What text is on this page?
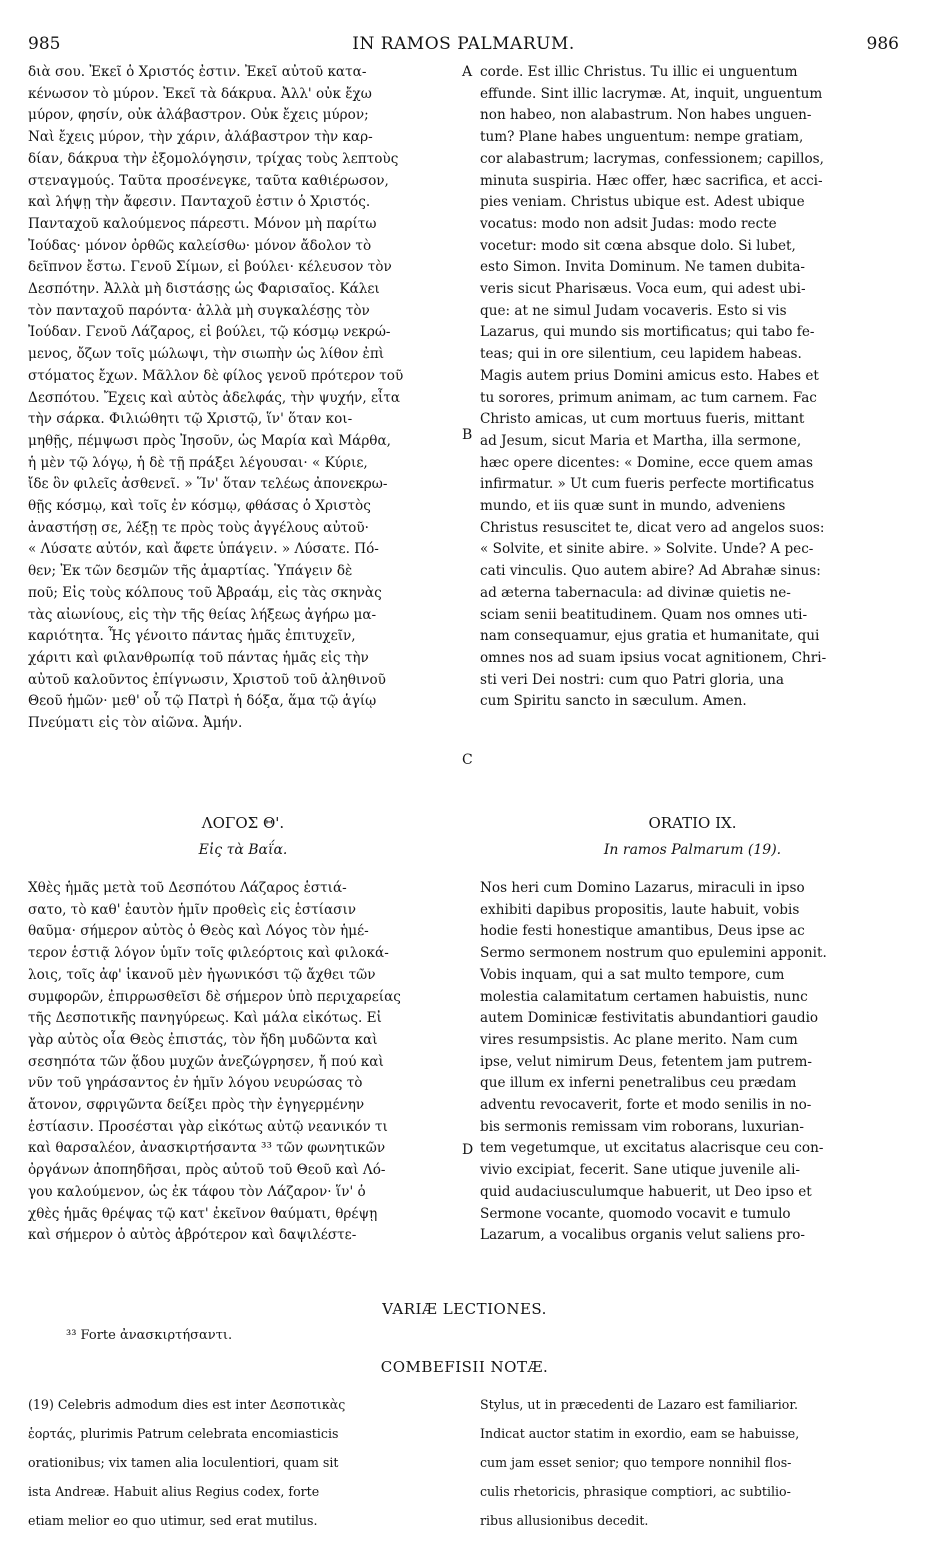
985	IN RAMOS PALMARUM.	986

διὰ σου. Ἐκεῖ ὁ Χριστός ἐστιν. Ἐκεῖ αὐτοῦ κατα-

κένωσον τὸ μύρον. Ἐκεῖ τὰ δάκρυα. Ἀλλ' οὐκ ἔχω

μύρον, φησίν, οὐκ ἀλάβαστρον. Οὐκ ἔχεις μύρον;

Ναὶ ἔχεις μύρον, τὴν χάριν, ἀλάβαστρον τὴν καρ-

δίαν, δάκρυα τὴν ἐξομολόγησιν, τρίχας τοὺς λεπτοὺς

στεναγμούς. Ταῦτα προσένεγκε, ταῦτα καθιέρωσον,

καὶ λήψῃ τὴν ἄφεσιν. Πανταχοῦ ἐστιν ὁ Χριστός.

Πανταχοῦ καλούμενος πάρεστι. Μόνον μὴ παρίτω

Ἰούδας· μόνον ὀρθῶς καλείσθω· μόνον ἄδολον τὸ

δεῖπνον ἔστω. Γενοῦ Σίμων, εἰ βούλει· κέλευσον τὸν

Δεσπότην. Ἀλλὰ μὴ διστάσῃς ὡς Φαρισαῖος. Κάλει

τὸν πανταχοῦ παρόντα· ἀλλὰ μὴ συγκαλέσῃς τὸν

Ἰούδαν. Γενοῦ Λάζαρος, εἰ βούλει, τῷ κόσμῳ νεκρώ-

μενος, ὄζων τοῖς μώλωψι, τὴν σιωπὴν ὡς λίθον ἐπὶ

στόματος ἔχων. Μᾶλλον δὲ φίλος γενοῦ πρότερον τοῦ

Δεσπότου. Ἔχεις καὶ αὐτὸς ἀδελφάς, τὴν ψυχήν, εἶτα

τὴν σάρκα. Φιλιώθητι τῷ Χριστῷ, ἵν' ὅταν κοι-

μηθῇς, πέμψωσι πρὸς Ἰησοῦν, ὡς Μαρία καὶ Μάρθα,

ἡ μὲν τῷ λόγῳ, ἡ δὲ τῇ πράξει λέγουσαι· « Κύριε,

ἴδε ὃν φιλεῖς ἀσθενεῖ. » Ἵν' ὅταν τελέως ἀπονεκρω-

θῇς κόσμῳ, καὶ τοῖς ἐν κόσμῳ, φθάσας ὁ Χριστὸς

ἀναστήσῃ σε, λέξῃ τε πρὸς τοὺς ἀγγέλους αὐτοῦ·

« Λύσατε αὐτόν, καὶ ἄφετε ὑπάγειν. » Λύσατε. Πό-

θεν; Ἐκ τῶν δεσμῶν τῆς ἁμαρτίας. Ὑπάγειν δὲ

ποῦ; Εἰς τοὺς κόλπους τοῦ Ἀβραάμ, εἰς τὰς σκηνὰς

τὰς αἰωνίους, εἰς τὴν τῆς θείας λήξεως ἀγήρω μα-

καριότητα. Ἧς γένοιτο πάντας ἡμᾶς ἐπιτυχεῖν,

χάριτι καὶ φιλανθρωπίᾳ τοῦ πάντας ἡμᾶς εἰς τὴν

αὐτοῦ καλοῦντος ἐπίγνωσιν, Χριστοῦ τοῦ ἀληθινοῦ

Θεοῦ ἡμῶν· μεθ' οὗ τῷ Πατρὶ ἡ δόξα, ἅμα τῷ ἁγίῳ

Πνεύματι εἰς τὸν αἰῶνα. Ἀμήν.

corde. Est illic Christus. Tu illic ei unguentum

effunde. Sint illic lacrymæ. At, inquit, unguentum

non habeo, non alabastrum. Non habes unguen-

tum? Plane habes unguentum: nempe gratiam,

cor alabastrum; lacrymas, confessionem; capillos,

minuta suspiria. Hæc offer, hæc sacrifica, et acci-

pies veniam. Christus ubique est. Adest ubique

vocatus: modo non adsit Judas: modo recte

vocetur: modo sit cœna absque dolo. Si lubet,

esto Simon. Invita Dominum. Ne tamen dubita-

veris sicut Pharisæus. Voca eum, qui adest ubi-

que: at ne simul Judam vocaveris. Esto si vis

Lazarus, qui mundo sis mortificatus; qui tabo fe-

teas; qui in ore silentium, ceu lapidem habeas.

Magis autem prius Domini amicus esto. Habes et

tu sorores, primum animam, ac tum carnem. Fac

Christo amicas, ut cum mortuus fueris, mittant

ad Jesum, sicut Maria et Martha, illa sermone,

hæc opere dicentes: « Domine, ecce quem amas

infirmatur. » Ut cum fueris perfecte mortificatus

mundo, et iis quæ sunt in mundo, adveniens

Christus resuscitet te, dicat vero ad angelos suos:

« Solvite, et sinite abire. » Solvite. Unde? A pec-

cati vinculis. Quo autem abire? Ad Abrahæ sinus:

ad æterna tabernacula: ad divinæ quietis ne-

sciam senii beatitudinem. Quam nos omnes uti-

nam consequamur, ejus gratia et humanitate, qui

omnes nos ad suam ipsius vocat agnitionem, Chri-

sti veri Dei nostri: cum quo Patri gloria, una

cum Spiritu sancto in sæculum. Amen.

A
B
C
D
ΛΟΓΟΣ Θ'.
Εἰς τὰ Βαΐα.
ORATIO IX.
In ramos Palmarum (19).

Χθὲς ἡμᾶς μετὰ τοῦ Δεσπότου Λάζαρος ἑστιά-

σατο, τὸ καθ' ἑαυτὸν ἡμῖν προθεὶς εἰς ἑστίασιν

θαῦμα· σήμερον αὐτὸς ὁ Θεὸς καὶ Λόγος τὸν ἡμέ-

τερον ἑστιᾷ λόγον ὑμῖν τοῖς φιλεόρτοις καὶ φιλοκά-

λοις, τοῖς ἀφ' ἱκανοῦ μὲν ἠγωνικόσι τῷ ἄχθει τῶν

συμφορῶν, ἐπιρρωσθεῖσι δὲ σήμερον ὑπὸ περιχαρείας

τῆς Δεσποτικῆς πανηγύρεως. Καὶ μάλα εἰκότως. Εἰ

γὰρ αὐτὸς οἷα Θεὸς ἐπιστάς, τὸν ἤδη μυδῶντα καὶ

σεσηπότα τῶν ᾅδου μυχῶν ἀνεζώγρησεν, ἤ πού καὶ

νῦν τοῦ γηράσαντος ἐν ἡμῖν λόγου νευρώσας τὸ

ἄτονον, σφριγῶντα δείξει πρὸς τὴν ἐγηγερμένην

ἑστίασιν. Προσέσται γὰρ εἰκότως αὐτῷ νεανικόν τι

καὶ θαρσαλέον, ἀνασκιρτήσαντα ³³ τῶν φωνητικῶν

ὀργάνων ἀποπηδῆσαι, πρὸς αὐτοῦ τοῦ Θεοῦ καὶ Λό-

γου καλούμενον, ὡς ἐκ τάφου τὸν Λάζαρον· ἵν' ὁ

χθὲς ἡμᾶς θρέψας τῷ κατ' ἐκεῖνον θαύματι, θρέψῃ

καὶ σήμερον ὁ αὐτὸς ἁβρότερον καὶ δαψιλέστε-

Nos heri cum Domino Lazarus, miraculi in ipso

exhibiti dapibus propositis, laute habuit, vobis

hodie festi honestique amantibus, Deus ipse ac

Sermo sermonem nostrum quo epulemini apponit.

Vobis inquam, qui a sat multo tempore, cum

molestia calamitatum certamen habuistis, nunc

autem Dominicæ festivitatis abundantiori gaudio

vires resumpsistis. Ac plane merito. Nam cum

ipse, velut nimirum Deus, fetentem jam putrem-

que illum ex inferni penetralibus ceu prædam

adventu revocaverit, forte et modo senilis in no-

bis sermonis remissam vim roborans, luxurian-

tem vegetumque, ut excitatus alacrisque ceu con-

vivio excipiat, fecerit. Sane utique juvenile ali-

quid audaciusculumque habuerit, ut Deo ipso et

Sermone vocante, quomodo vocavit e tumulo

Lazarum, a vocalibus organis velut saliens pro-

VARIÆ LECTIONES.
³³ Forte ἀνασκιρτήσαντι.
COMBEFISII NOTÆ.

(19) Celebris admodum dies est inter Δεσποτικὰς

ἑορτάς, plurimis Patrum celebrata encomiasticis

orationibus; vix tamen alia loculentiori, quam sit

ista Andreæ. Habuit alius Regius codex, forte

etiam melior eo quo utimur, sed erat mutilus.

Stylus, ut in præcedenti de Lazaro est familiarior.

Indicat auctor statim in exordio, eam se habuisse,

cum jam esset senior; quo tempore nonnihil flos-

culis rhetoricis, phrasique comptiori, ac subtilio-

ribus allusionibus decedit.
